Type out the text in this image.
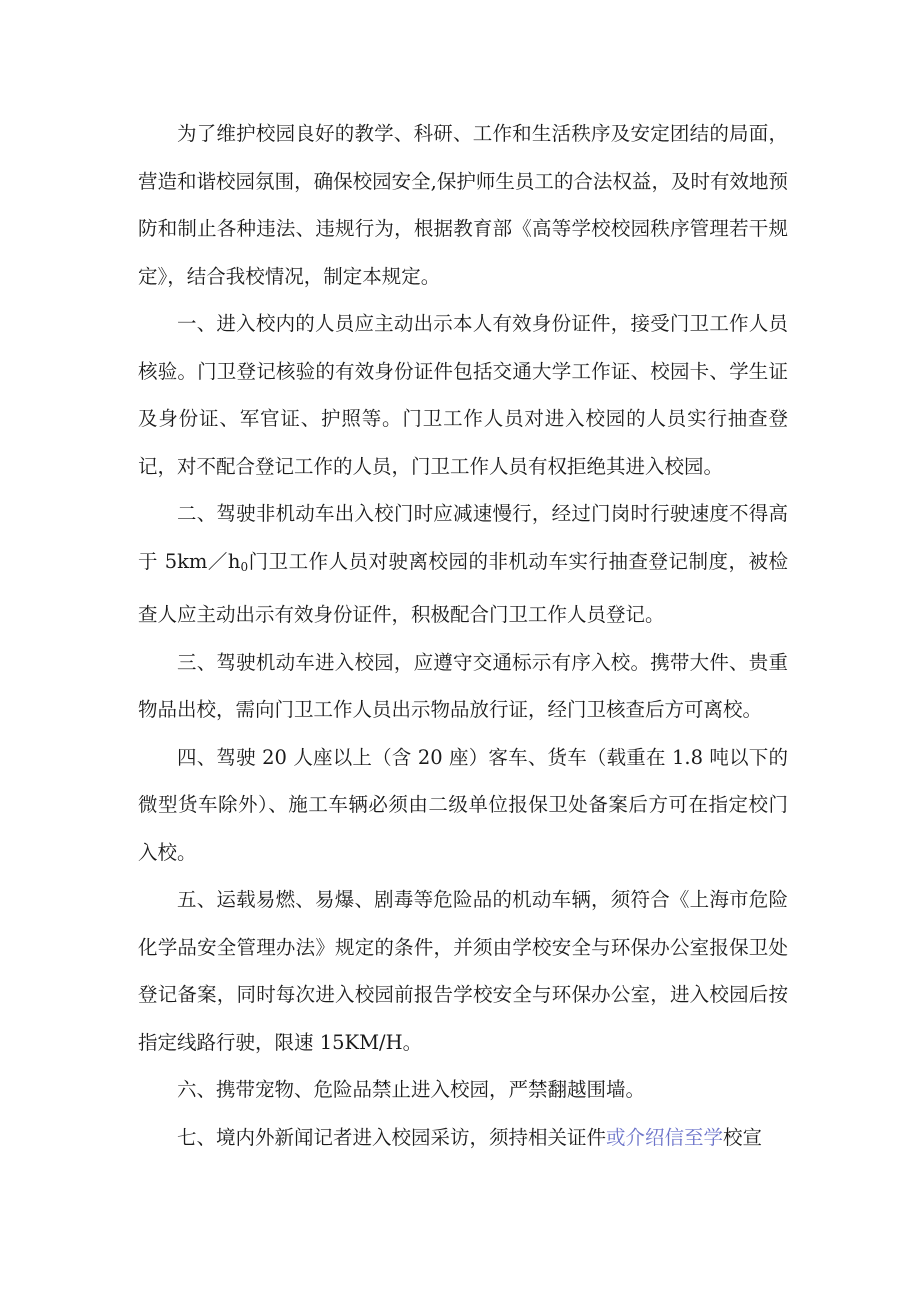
为了维护校园良好的教学、科研、工作和生活秩序及安定团结的局面，营造和谐校园氛围，确保校园安全,保护师生员工的合法权益，及时有效地预防和制止各种违法、违规行为，根据教育部《高等学校校园秩序管理若干规定》，结合我校情况，制定本规定。

一、进入校内的人员应主动出示本人有效身份证件，接受门卫工作人员核验。门卫登记核验的有效身份证件包括交通大学工作证、校园卡、学生证及身份证、军官证、护照等。门卫工作人员对进入校园的人员实行抽查登记，对不配合登记工作的人员，门卫工作人员有权拒绝其进入校园。

二、驾驶非机动车出入校门时应减速慢行，经过门岗时行驶速度不得高于 $5km/h_0$门卫工作人员对驶离校园的非机动车实行抽查登记制度，被检查人应主动出示有效身份证件，积极配合门卫工作人员登记。

三、驾驶机动车进入校园，应遵守交通标示有序入校。携带大件、贵重物品出校，需向门卫工作人员出示物品放行证，经门卫核查后方可离校。

四、驾驶 20 人座以上（含 20 座）客车、货车（载重在 1.8 吨以下的微型货车除外）、施工车辆必须由二级单位报保卫处备案后方可在指定校门入校。

五、运载易燃、易爆、剧毒等危险品的机动车辆，须符合《上海市危险化学品安全管理办法》规定的条件，并须由学校安全与环保办公室报保卫处登记备案，同时每次进入校园前报告学校安全与环保办公室，进入校园后按指定线路行驶，限速 15KM/H。

六、携带宠物、危险品禁止进入校园，严禁翻越围墙。

七、境内外新闻记者进入校园采访，须持相关证件或介绍信至学校宣
